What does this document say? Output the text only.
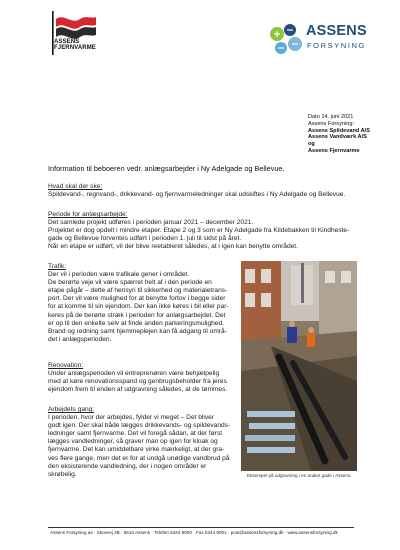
ASSENS
FJERNVARME
ASSENS
FORSYNING
Dato 14. juni 2021
Assens Forsyning:
Assens Spildevand A/S
Assens Vandværk A/S
og
Assens Fjernvarme
Information til beboeren vedr. anlægsarbejder i Ny Adelgade og Bellevue.
Hvad skal der ske:
Spildevand-, regnvand-, drikkevand- og fjernvarmeledninger skal udskiftes i Ny Adelgade og Bellevue.
Periode for anlægsarbejde:
Det samlede projekt udføres i perioden januar 2021 – december 2021.
Projektet er dog opdelt i mindre etaper. Etape 2 og 3 som er Ny Adelgade fra Kildebakken til Kindheste-
gade og Bellevue forventes udført i perioden 1. juli til sidst på året.
Når en etape er udført, vil der blive reetableret således, at i igen kan benytte området.
Trafik:
Der vil i perioden være trafikale gener i området.
De berørte veje vil være spærret helt af i den periode en
etape pågår – dette af hensyn til sikkerhed og materialetrans-
port. Der vil være mulighed for at benytte fortov i begge sider
for at komme til sin ejendom. Der kan ikke køres i bil eller par-
keres på de berørte stræk i perioden for anlægsarbejdet. Det
er op til den enkelte selv at finde anden parkeringsmulighed.
Brand og redning samt hjemmeplejen kan få adgang til områ-
det i anlægsperioden.
Renovation:
Under anlægsperioden vil entreprenøren være behjælpelig
med at køre renovationsspand og genbrugsbeholder fra jeres
ejendom frem til enden af udgravning således, at de tømmes.
Arbejdets gang:
I perioden, hvor der arbejdes, fylder vi meget – Det bliver
godt igen. Der skal både lægges drikkevands- og spildevands-
ledninger samt fjernvarme. Det vil foregå sådan, at der først
lægges vandledninger, så graver man op igen for kloak og
fjernvarme. Det kan umiddelbare virke mærkeligt, at der gra-
ves flere gange, men det er for at undgå unødige vandbrud på
den eksisterende vandledning, der i nogen områder er skrøbelig.	Eksempel på udgravning i en anden gade i Assens.
Assens Forsyning as · Skovvej 2B · 5610 Assens · Telefon 6344 9000 · Fax 6344 9001 · post@assensforsyning.dk · www.assensforsyning.dk
